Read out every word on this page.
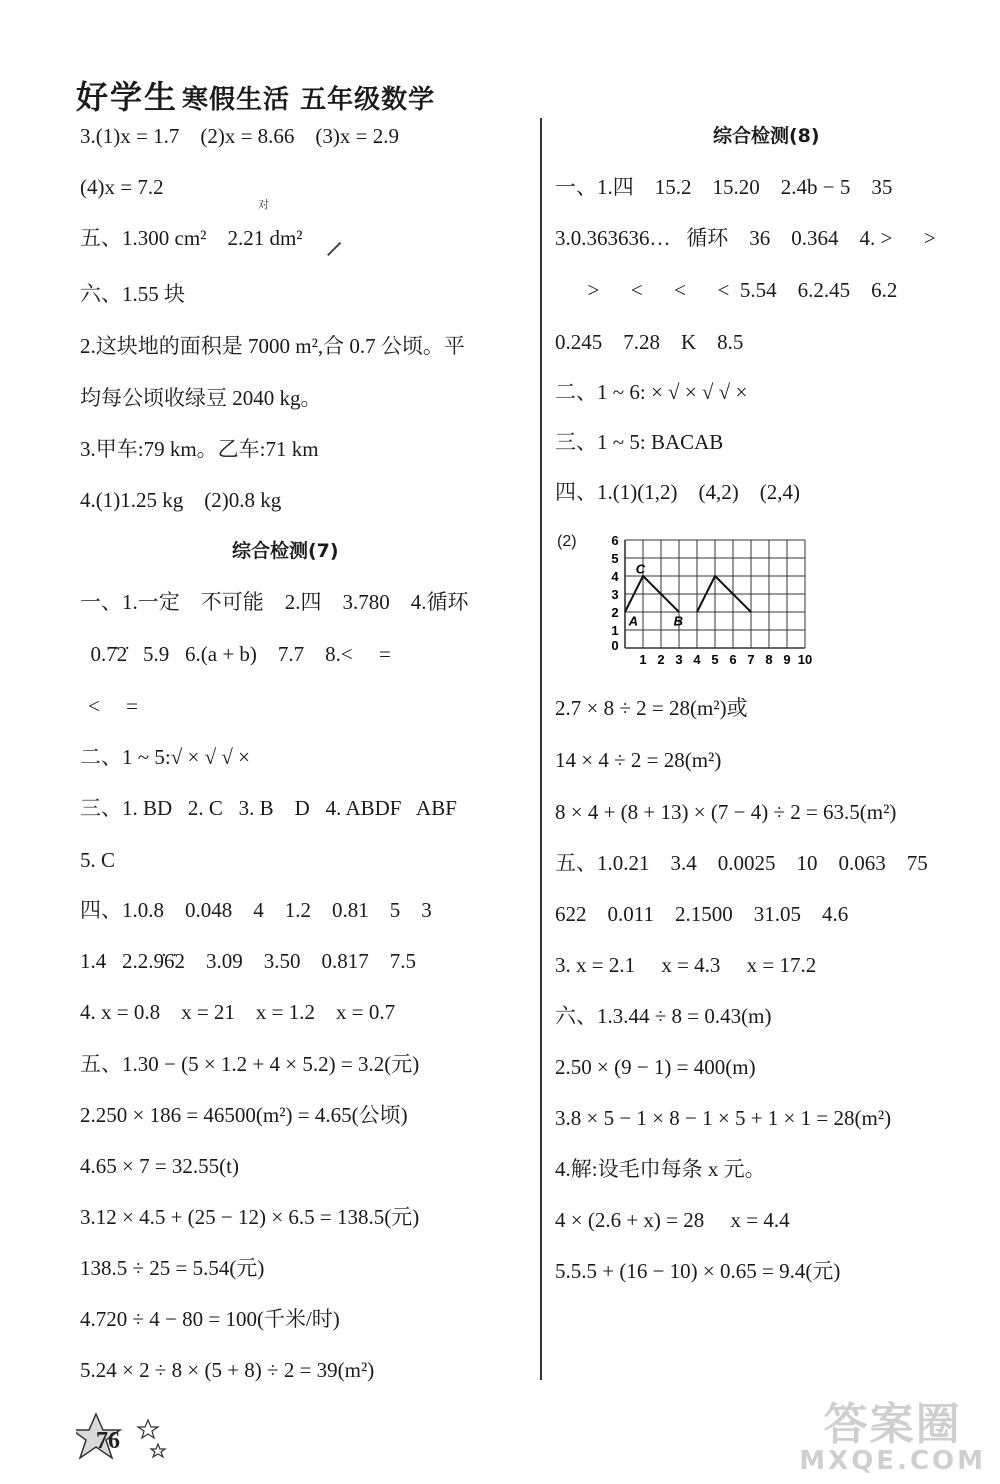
好学生 寒假生活 五年级数学
对
3.(1)x = 1.7    (2)x = 8.66    (3)x = 2.9
(4)x = 7.2
五、1.300 cm²    2.21 dm²
六、1.55 块
2.这块地的面积是 7000 m²,合 0.7 公顷。平
均每公顷收绿豆 2040 kg。
3.甲车:79 km。乙车:71 km
4.(1)1.25 kg    (2)0.8 kg
综合检测(7)
一、1.一定    不可能    2.四    3.780    4.循环
0.7̇2̇   5.9   6.(a + b)    7.7    8.<     =
<     =
二、1 ~ 5:√ × √ √ ×
三、1. BD   2. C   3. B    D   4. ABDF   ABF
5. C
四、1.0.8    0.048    4    1.2    0.81    5    3
1.4   2.2.9̇6̇2    3.09    3.50    0.817    7.5
4. x = 0.8    x = 21    x = 1.2    x = 0.7
五、1.30 − (5 × 1.2 + 4 × 5.2) = 3.2(元)
2.250 × 186 = 46500(m²) = 4.65(公顷)
4.65 × 7 = 32.55(t)
3.12 × 4.5 + (25 − 12) × 6.5 = 138.5(元)
138.5 ÷ 25 = 5.54(元)
4.720 ÷ 4 − 80 = 100(千米/时)
5.24 × 2 ÷ 8 × (5 + 8) ÷ 2 = 39(m²)
综合检测(8)
一、1.四    15.2    15.20    2.4b − 5    35
3.0.363636…   循环    36    0.364    4. >      >
>      <      <      <  5.54    6.2.45    6.2
0.245    7.28    K    8.5
二、1 ~ 6: × √ × √ √ ×
三、1 ~ 5: BACAB
四、1.(1)(1,2)    (4,2)    (2,4)
2.7 × 8 ÷ 2 = 28(m²)或
14 × 4 ÷ 2 = 28(m²)
8 × 4 + (8 + 13) × (7 − 4) ÷ 2 = 63.5(m²)
五、1.0.21    3.4    0.0025    10    0.063    75
622    0.011    2.1500    31.05    4.6
3. x = 2.1     x = 4.3     x = 17.2
六、1.3.44 ÷ 8 = 0.43(m)
2.50 × (9 − 1) = 400(m)
3.8 × 5 − 1 × 8 − 1 × 5 + 1 × 1 = 28(m²)
4.解:设毛巾每条 x 元。
4 × (2.6 + x) = 28     x = 4.4
5.5.5 + (16 − 10) × 0.65 = 9.4(元)
(2)
1
2
3
4
5
6
0
1 2 3 4 5 6 7 8 9 10
A	B
C
76	答案圈
MXQE.COM
